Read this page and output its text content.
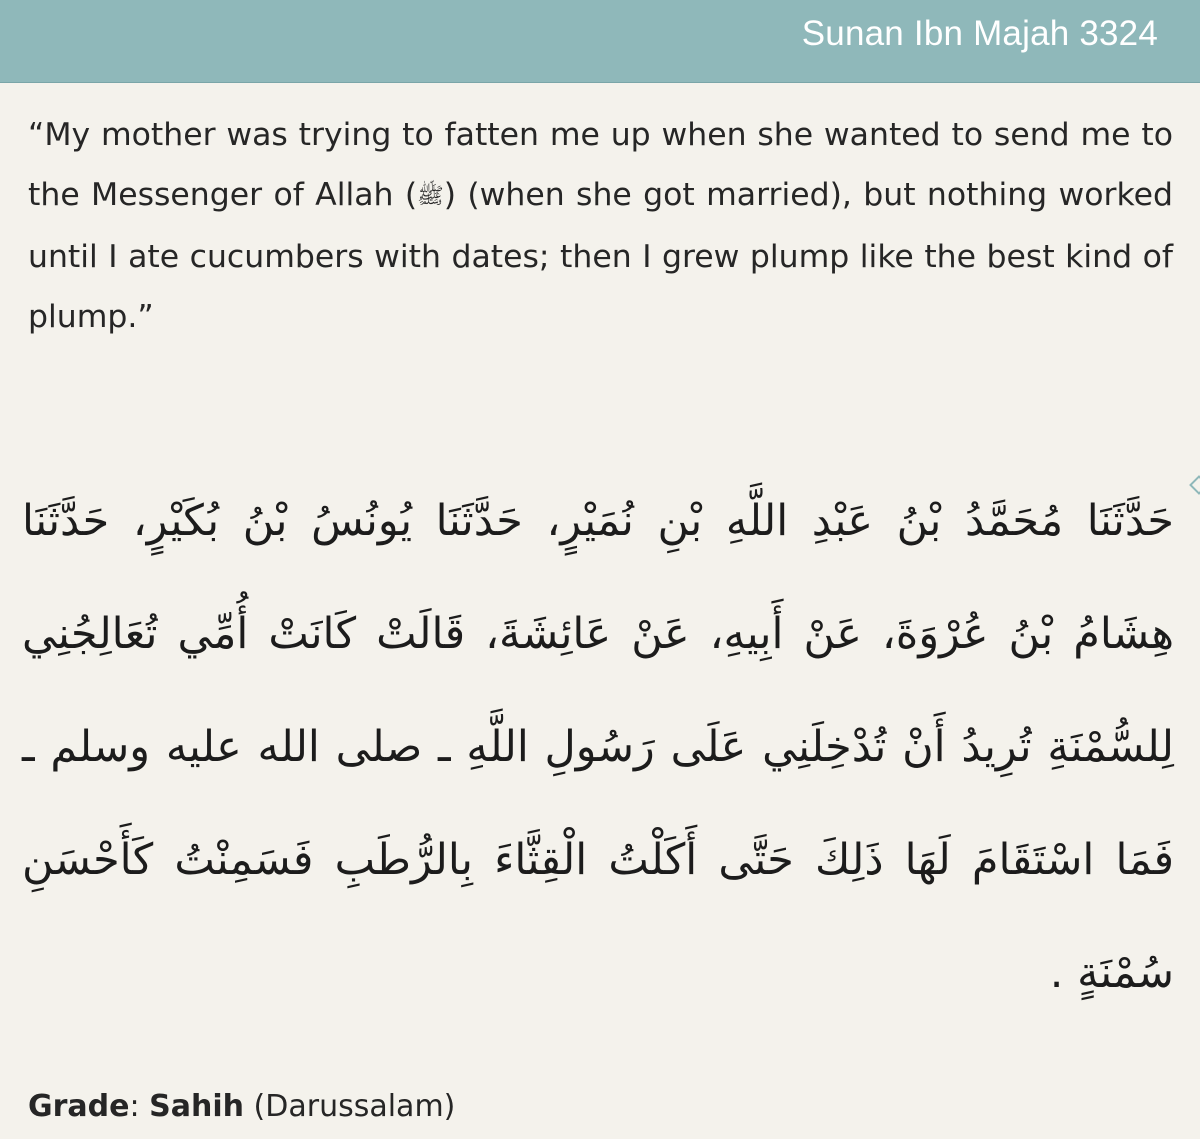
Sunan Ibn Majah 3324

“My mother was trying to fatten me up when she wanted to send me to the Messenger of Allah (ﷺ) (when she got married), but nothing worked until I ate cucumbers with dates; then I grew plump like the best kind of plump.”

حَدَّثَنَا مُحَمَّدُ بْنُ عَبْدِ اللَّهِ بْنِ نُمَيْرٍ، حَدَّثَنَا يُونُسُ بْنُ بُكَيْرٍ، حَدَّثَنَا هِشَامُ بْنُ عُرْوَةَ، عَنْ أَبِيهِ، عَنْ عَائِشَةَ، قَالَتْ كَانَتْ أُمِّي تُعَالِجُنِي لِلسُّمْنَةِ تُرِيدُ أَنْ تُدْخِلَنِي عَلَى رَسُولِ اللَّهِ ـ صلى الله عليه وسلم ـ فَمَا اسْتَقَامَ لَهَا ذَلِكَ حَتَّى أَكَلْتُ الْقِثَّاءَ بِالرُّطَبِ فَسَمِنْتُ كَأَحْسَنِ سُمْنَةٍ .

Grade: Sahih (Darussalam)
